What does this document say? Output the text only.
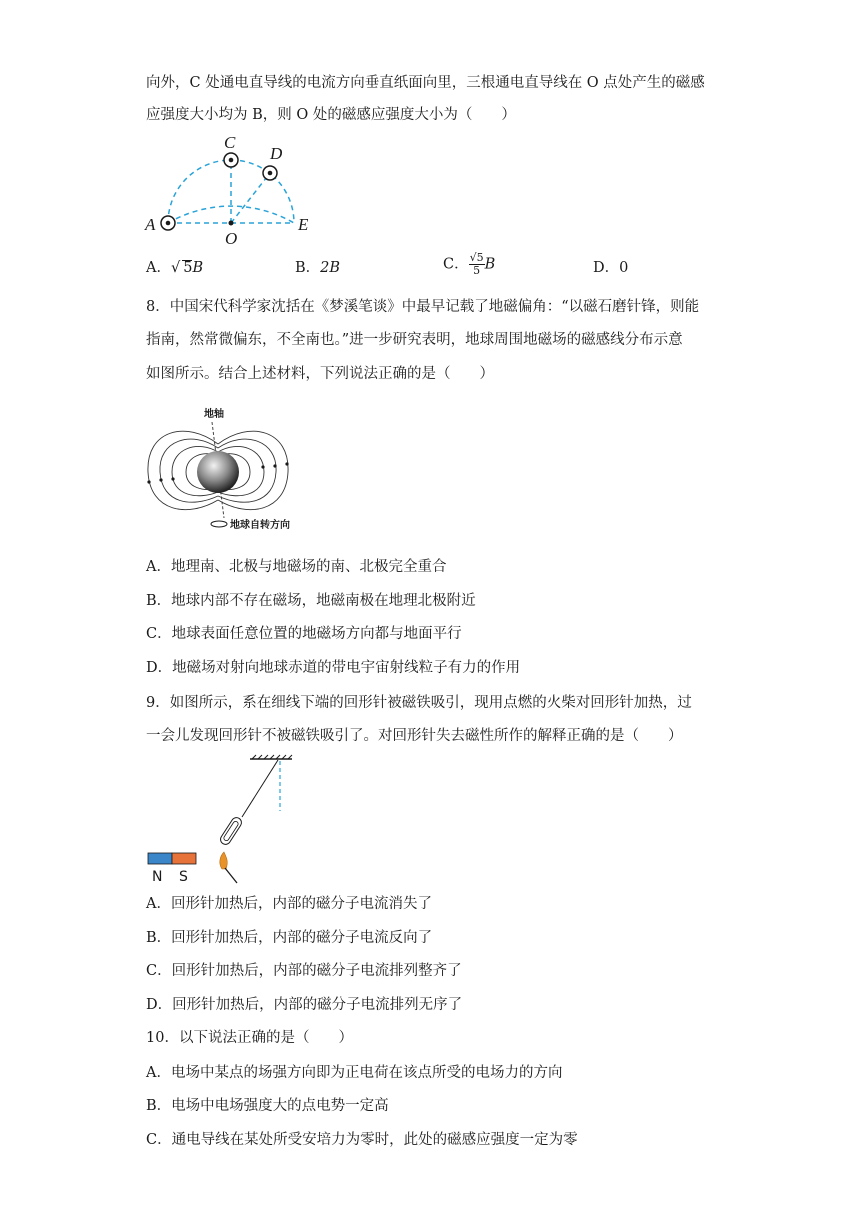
向外，C 处通电直导线的电流方向垂直纸面向里，三根通电直导线在 O 点处产生的磁感
应强度大小均为 B，则 O 处的磁感应强度大小为（　　）
A
C
D
O
E
A．√ 5B	B．2B	C． $\frac{√5}{5}$ B	D．0
8．中国宋代科学家沈括在《梦溪笔谈》中最早记载了地磁偏角：“以磁石磨针锋，则能
指南，然常微偏东，不全南也。”进一步研究表明，地球周围地磁场的磁感线分布示意
如图所示。结合上述材料，下列说法正确的是（　　）
地轴
地球自转方向
A．地理南、北极与地磁场的南、北极完全重合
B．地球内部不存在磁场，地磁南极在地理北极附近
C．地球表面任意位置的地磁场方向都与地面平行
D．地磁场对射向地球赤道的带电宇宙射线粒子有力的作用
9．如图所示，系在细线下端的回形针被磁铁吸引，现用点燃的火柴对回形针加热，过
一会儿发现回形针不被磁铁吸引了。对回形针失去磁性所作的解释正确的是（　　）
N S
A．回形针加热后，内部的磁分子电流消失了
B．回形针加热后，内部的磁分子电流反向了
C．回形针加热后，内部的磁分子电流排列整齐了
D．回形针加热后，内部的磁分子电流排列无序了
10．以下说法正确的是（　　）
A．电场中某点的场强方向即为正电荷在该点所受的电场力的方向
B．电场中电场强度大的点电势一定高
C．通电导线在某处所受安培力为零时，此处的磁感应强度一定为零
